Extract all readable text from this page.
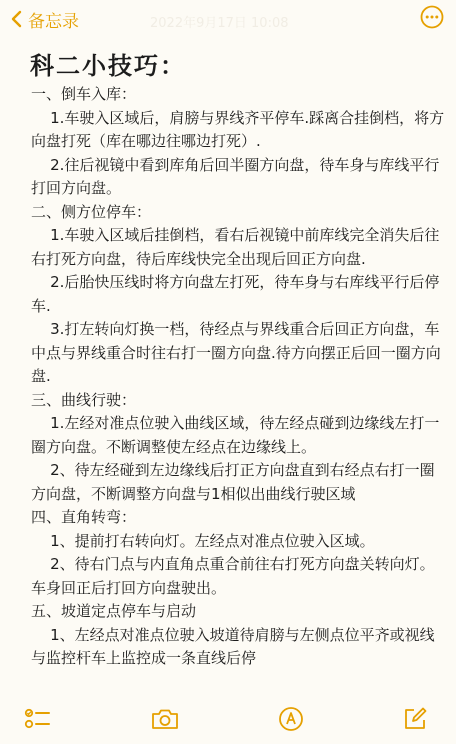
备忘录	2022年9月17日 10:08
科二小技巧：

一、倒车入库：

1.车驶入区域后，肩膀与界线齐平停车.踩离合挂倒档，将方向盘打死（库在哪边往哪边打死）.

2.往后视镜中看到库角后回半圈方向盘，待车身与库线平行打回方向盘。

二、侧方位停车：

1.车驶入区域后挂倒档，看右后视镜中前库线完全消失后往右打死方向盘，待后库线快完全出现后回正方向盘.

2.后胎快压线时将方向盘左打死，待车身与右库线平行后停车.

3.打左转向灯换一档，待经点与界线重合后回正方向盘，车中点与界线重合时往右打一圈方向盘.待方向摆正后回一圈方向盘.

三、曲线行驶：

1.左经对准点位驶入曲线区域，待左经点碰到边缘线左打一圈方向盘。不断调整使左经点在边缘线上。

2、待左经碰到左边缘线后打正方向盘直到右经点右打一圈方向盘，不断调整方向盘与1相似出曲线行驶区域

四、直角转弯：

1、提前打右转向灯。左经点对准点位驶入区域。

2、待右门点与内直角点重合前往右打死方向盘关转向灯。车身回正后打回方向盘驶出。

五、坡道定点停车与启动

1、左经点对准点位驶入坡道待肩膀与左侧点位平齐或视线与监控杆车上监控成一条直线后停
